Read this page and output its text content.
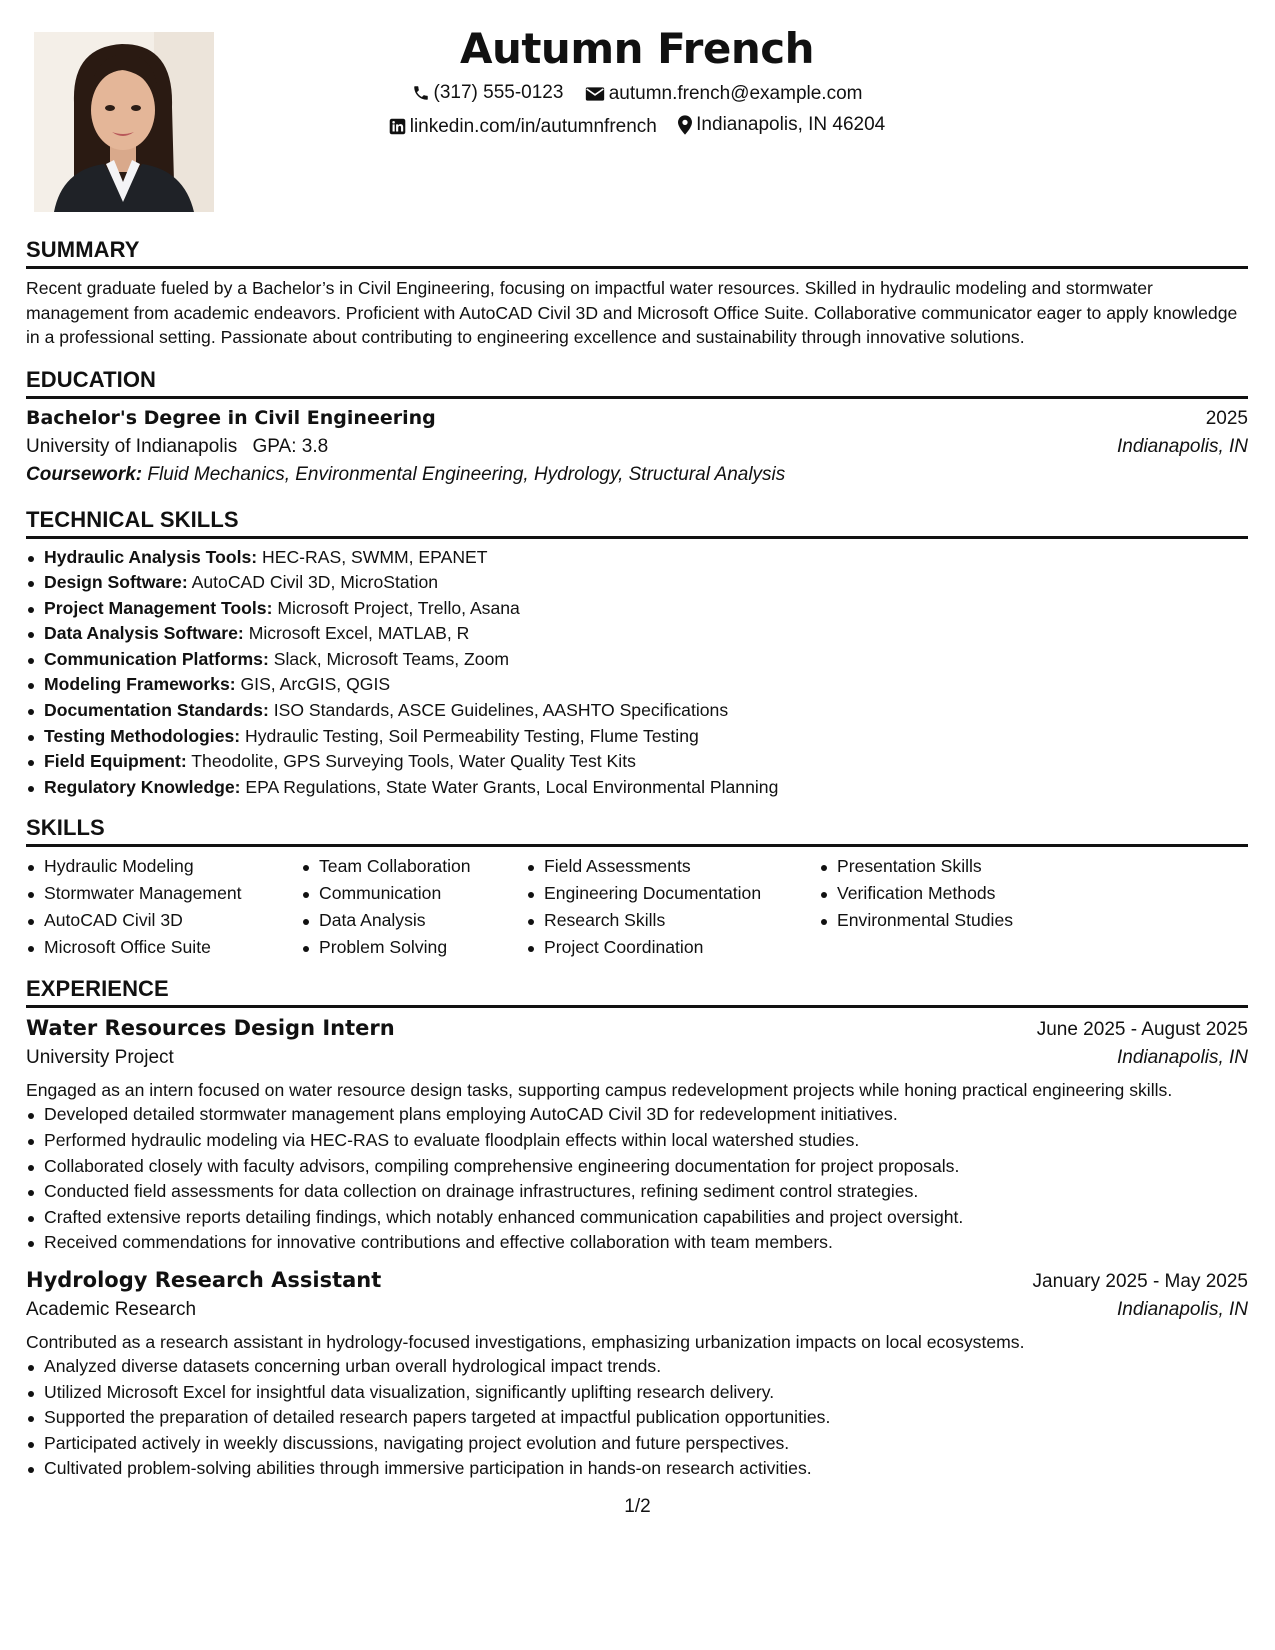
Autumn French
(317) 555-0123
autumn.french@example.com
linkedin.com/in/autumnfrench
Indianapolis, IN 46204
SUMMARY
Recent graduate fueled by a Bachelor’s in Civil Engineering, focusing on impactful water resources. Skilled in hydraulic modeling and stormwater management from academic endeavors. Proficient with AutoCAD Civil 3D and Microsoft Office Suite. Collaborative communicator eager to apply knowledge in a professional setting. Passionate about contributing to engineering excellence and sustainability through innovative solutions.
EDUCATION
Bachelor's Degree in Civil Engineering	2025
University of Indianapolis GPA: 3.8	Indianapolis, IN
Coursework: Fluid Mechanics, Environmental Engineering, Hydrology, Structural Analysis
TECHNICAL SKILLS
Hydraulic Analysis Tools: HEC-RAS, SWMM, EPANET
Design Software: AutoCAD Civil 3D, MicroStation
Project Management Tools: Microsoft Project, Trello, Asana
Data Analysis Software: Microsoft Excel, MATLAB, R
Communication Platforms: Slack, Microsoft Teams, Zoom
Modeling Frameworks: GIS, ArcGIS, QGIS
Documentation Standards: ISO Standards, ASCE Guidelines, AASHTO Specifications
Testing Methodologies: Hydraulic Testing, Soil Permeability Testing, Flume Testing
Field Equipment: Theodolite, GPS Surveying Tools, Water Quality Test Kits
Regulatory Knowledge: EPA Regulations, State Water Grants, Local Environmental Planning
SKILLS
Hydraulic Modeling
Stormwater Management
AutoCAD Civil 3D
Microsoft Office Suite
Team Collaboration
Communication
Data Analysis
Problem Solving
Field Assessments
Engineering Documentation
Research Skills
Project Coordination
Presentation Skills
Verification Methods
Environmental Studies
EXPERIENCE
Water Resources Design Intern	June 2025 - August 2025
University Project	Indianapolis, IN
Engaged as an intern focused on water resource design tasks, supporting campus redevelopment projects while honing practical engineering skills.
Developed detailed stormwater management plans employing AutoCAD Civil 3D for redevelopment initiatives.
Performed hydraulic modeling via HEC-RAS to evaluate floodplain effects within local watershed studies.
Collaborated closely with faculty advisors, compiling comprehensive engineering documentation for project proposals.
Conducted field assessments for data collection on drainage infrastructures, refining sediment control strategies.
Crafted extensive reports detailing findings, which notably enhanced communication capabilities and project oversight.
Received commendations for innovative contributions and effective collaboration with team members.
Hydrology Research Assistant	January 2025 - May 2025
Academic Research	Indianapolis, IN
Contributed as a research assistant in hydrology-focused investigations, emphasizing urbanization impacts on local ecosystems.
Analyzed diverse datasets concerning urban overall hydrological impact trends.
Utilized Microsoft Excel for insightful data visualization, significantly uplifting research delivery.
Supported the preparation of detailed research papers targeted at impactful publication opportunities.
Participated actively in weekly discussions, navigating project evolution and future perspectives.
Cultivated problem-solving abilities through immersive participation in hands-on research activities.
1/2
